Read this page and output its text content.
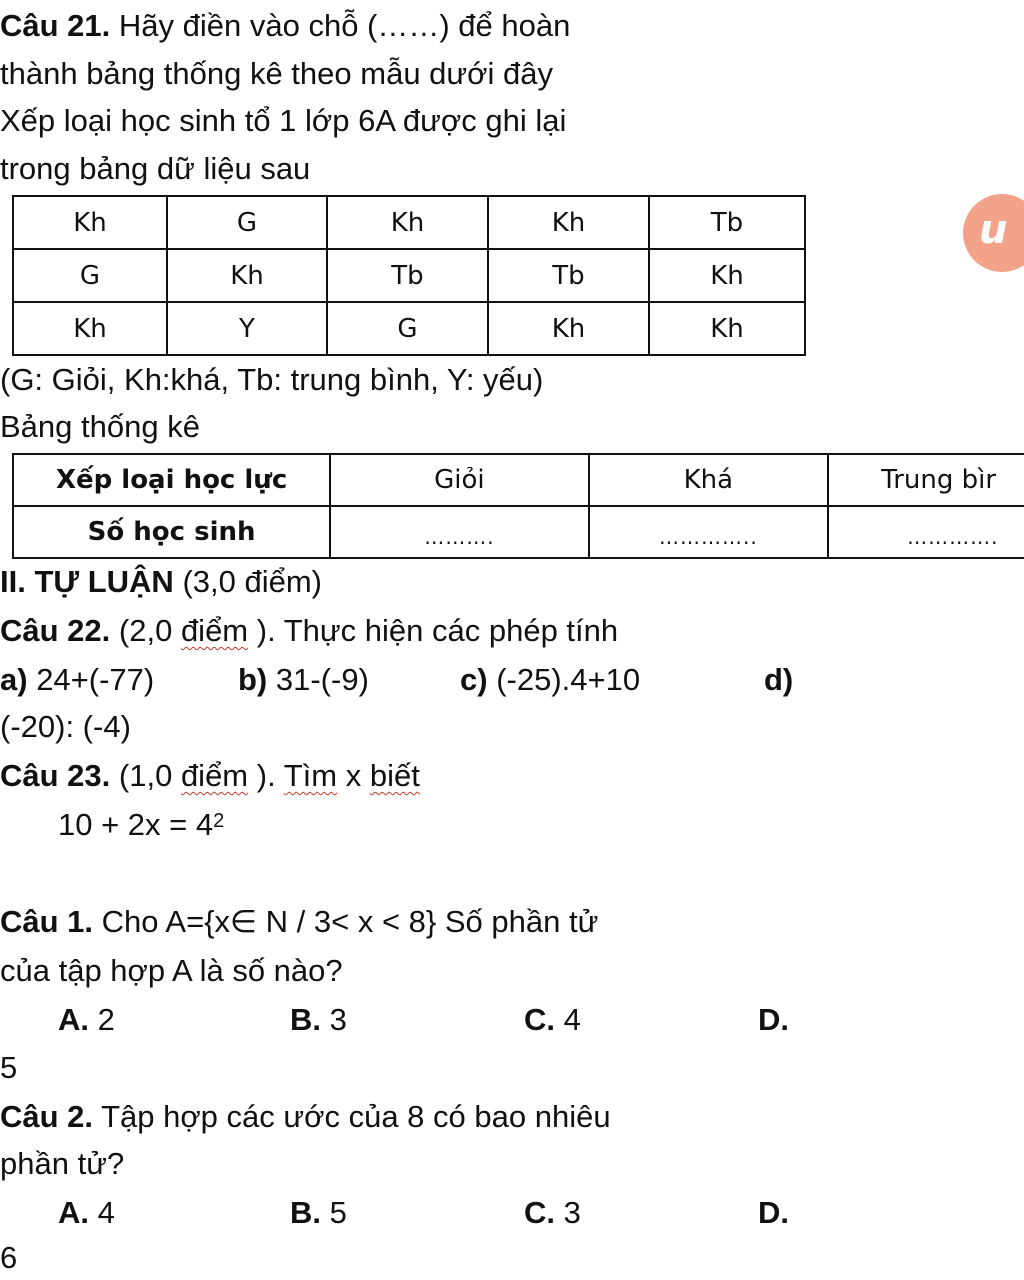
Câu 21. Hãy điền vào chỗ (……) để hoàn
thành bảng thống kê theo mẫu dưới đây
Xếp loại học sinh tổ 1 lớp 6A được ghi lại
trong bảng dữ liệu sau
Kh	G	Kh	Kh	Tb
G	Kh	Tb	Tb	Kh
Kh	Y	G	Kh	Kh
u
(G: Giỏi, Kh:khá, Tb: trung bình, Y: yếu)
Bảng thống kê
Xếp loại học lực	Giỏi	Khá	Trung bìr
Số học sinh	……….	…………..	………….
II. TỰ LUẬN (3,0 điểm)
Câu 22. (2,0 điểm ). Thực hiện các phép tính
a) 24+(-77)	b) 31-(-9)	c) (-25).4+10	d)
(-20): (-4)
Câu 23. (1,0 điểm ). Tìm x biết
$10 + 2x = 4^2$
Câu 1. Cho A={x∈ N / 3< x < 8} Số phần tử
của tập hợp A là số nào?
A. 2	B. 3	C. 4	D.
5
Câu 2. Tập hợp các ước của 8 có bao nhiêu
phần tử?
A. 4	B. 5	C. 3	D.
6
